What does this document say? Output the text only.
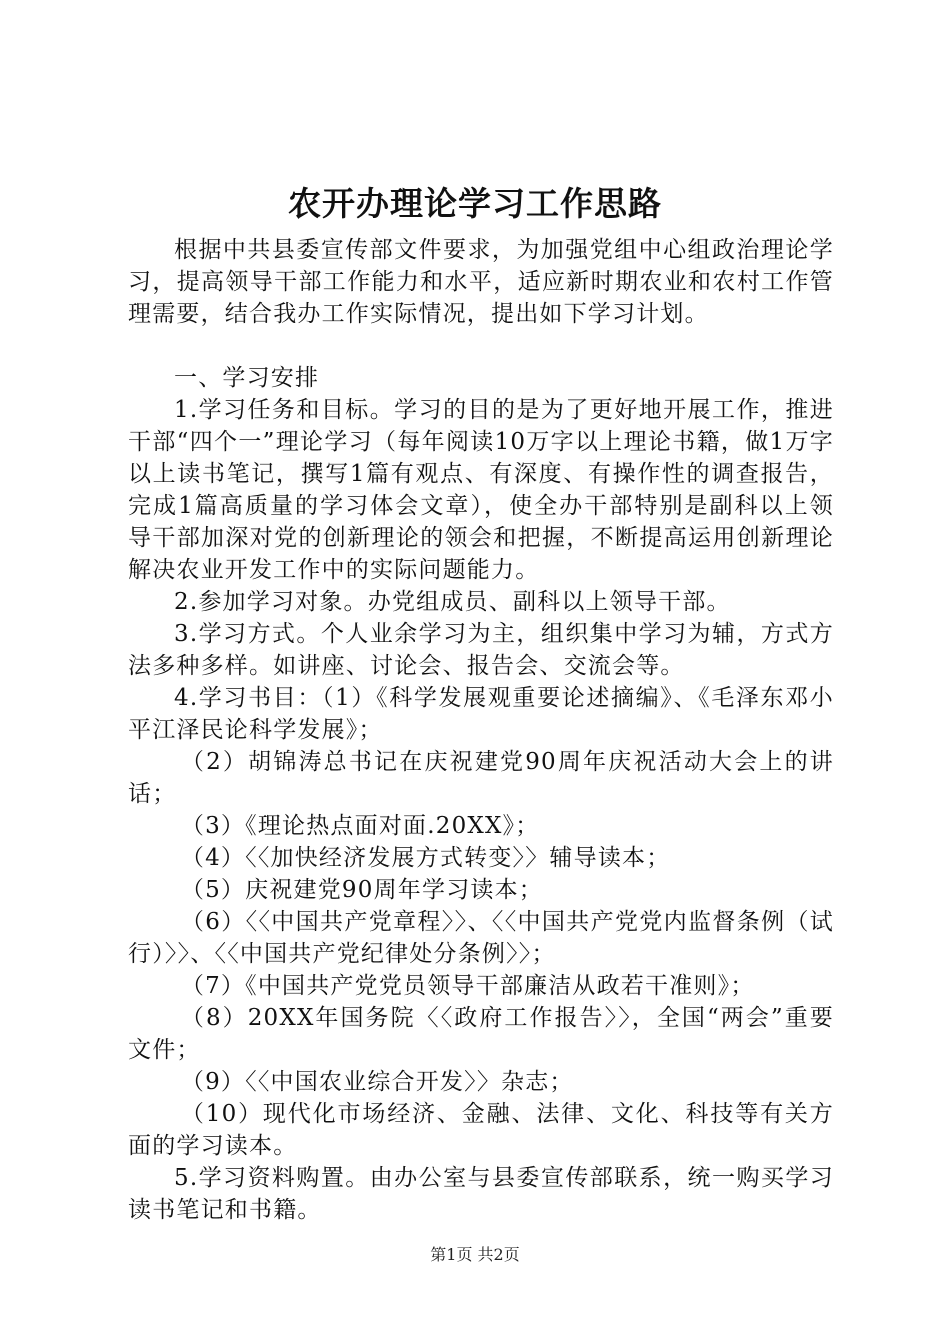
农开办理论学习工作思路

根据中共县委宣传部文件要求，为加强党组中心组政治理论学习，提高领导干部工作能力和水平，适应新时期农业和农村工作管理需要，结合我办工作实际情况，提出如下学习计划。

一、学习安排

1.学习任务和目标。学习的目的是为了更好地开展工作，推进干部“四个一”理论学习（每年阅读10万字以上理论书籍，做1万字以上读书笔记，撰写1篇有观点、有深度、有操作性的调查报告，完成1篇高质量的学习体会文章），使全办干部特别是副科以上领导干部加深对党的创新理论的领会和把握，不断提高运用创新理论解决农业开发工作中的实际问题能力。

2.参加学习对象。办党组成员、副科以上领导干部。

3.学习方式。个人业余学习为主，组织集中学习为辅，方式方法多种多样。如讲座、讨论会、报告会、交流会等。

4.学习书目：（1）《科学发展观重要论述摘编》、《毛泽东邓小平江泽民论科学发展》；

（2）胡锦涛总书记在庆祝建党90周年庆祝活动大会上的讲话；

（3）《理论热点面对面.20XX》；

（4）〈〈加快经济发展方式转变〉〉辅导读本；

（5）庆祝建党90周年学习读本；

（6）〈〈中国共产党章程〉〉、〈〈中国共产党党内监督条例（试行）〉〉、〈〈中国共产党纪律处分条例〉〉；

（7）《中国共产党党员领导干部廉洁从政若干准则》；

（8）20XX年国务院〈〈政府工作报告〉〉，全国“两会”重要文件；

（9）〈〈中国农业综合开发〉〉杂志；

（10）现代化市场经济、金融、法律、文化、科技等有关方面的学习读本。

5.学习资料购置。由办公室与县委宣传部联系，统一购买学习读书笔记和书籍。

第1页 共2页
